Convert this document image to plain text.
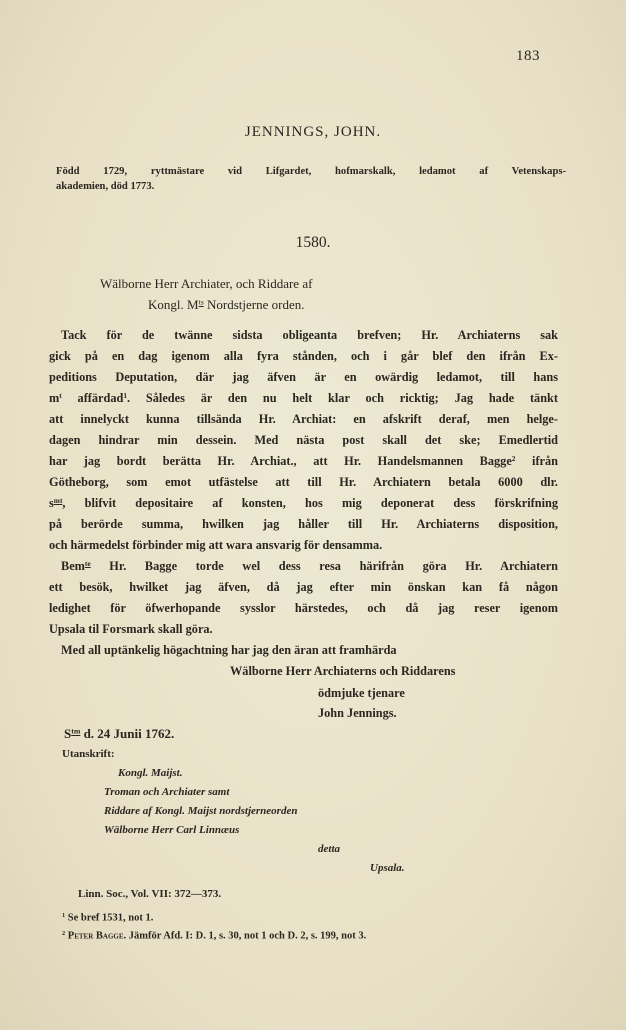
183
JENNINGS, JOHN.
Född 1729, ryttmästare vid Lifgardet, hofmarskalk, ledamot af Vetenskaps-
akademien, död 1773.
1580.
Wälborne Herr Archiater, och Riddare af
Kongl. $M^{ts}$ Nordstjerne orden.
Tack för de twänne sidsta obligeanta brefven; Hr. Archiaterns sak
gick på en dag igenom alla fyra stånden, och i går blef den ifrån Ex-
peditions Deputation, där jag äfven är en owärdig ledamot, till hans
$m^t$ affärdad$^1$. Således är den nu helt klar och ricktig; Jag hade tänkt
att innelyckt kunna tillsända Hr. Archiat: en afskrift deraf, men helge-
dagen hindrar min dessein. Med nästa post skall det ske; Emedlertid
har jag bordt berätta Hr. Archiat., att Hr. Handelsmannen Bagge$^2$ ifrån
Götheborg, som emot utfästelse att till Hr. Archiatern betala 6000 dlr.
$s^{mt}$, blifvit depositaire af konsten, hos mig deponerat dess förskrifning
på berörde summa, hwilken jag håller till Hr. Archiaterns disposition,
och härmedelst förbinder mig att wara ansvarig för densamma.
Bem$^{te}$ Hr. Bagge torde wel dess resa härifrån göra Hr. Archiatern
ett besök, hwilket jag äfven, då jag efter min önskan kan få någon
ledighet för öfwerhopande sysslor härstedes, och då jag reser igenom
Upsala til Forsmark skall göra.
Med all uptänkelig högachtning har jag den äran att framhärda
Wälborne Herr Archiaterns och Riddarens
ödmjuke tjenare
John Jennings.
$S^{tm}$ d. 24 Junii 1762.
Utanskrift:
Kongl. Maijst.
Troman och Archiater samt
Riddare af Kongl. Maijst nordstjerneorden
Wälborne Herr Carl Linnæus
detta
Upsala.
Linn. Soc., Vol. VII: 372—373.
$^1$ Se bref 1531, not 1.
$^2$ Peter Bagge. Jämför Afd. I: D. 1, s. 30, not 1 och D. 2, s. 199, not 3.
